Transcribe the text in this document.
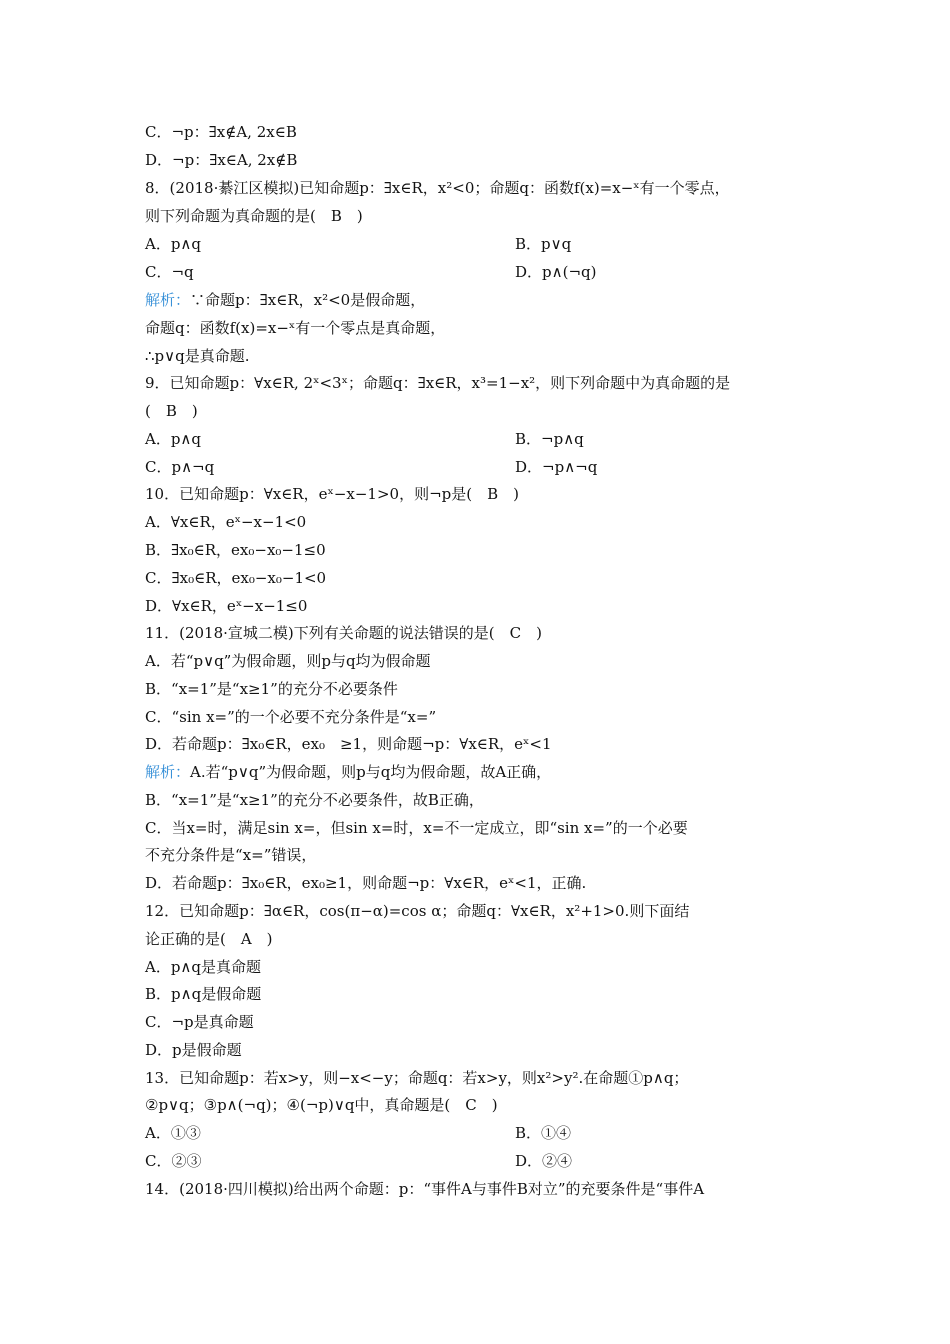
C．¬p：∃x∉A, 2x∈B
D．¬p：∃x∈A, 2x∉B
8．(2018·綦江区模拟)已知命题p：∃x∈R，x²<0；命题q：函数f(x)=x−ˣ有一个零点，
则下列命题为真命题的是(　B　)
A．p∧q	B．p∨q
C．¬q	D．p∧(¬q)
解析：∵命题p：∃x∈R，x²<0是假命题，
命题q：函数f(x)=x−ˣ有一个零点是真命题，
∴p∨q是真命题.
9．已知命题p：∀x∈R, 2ˣ<3ˣ；命题q：∃x∈R，x³=1−x²，则下列命题中为真命题的是
(　B　)
A．p∧q	B．¬p∧q
C．p∧¬q	D．¬p∧¬q
10．已知命题p：∀x∈R，eˣ−x−1>0，则¬p是(　B　)
A．∀x∈R，eˣ−x−1<0
B．∃x₀∈R，ex₀−x₀−1≤0
C．∃x₀∈R，ex₀−x₀−1<0
D．∀x∈R，eˣ−x−1≤0
11．(2018·宣城二模)下列有关命题的说法错误的是(　C　)
A．若“p∨q”为假命题，则p与q均为假命题
B．“x=1”是“x≥1”的充分不必要条件
C．“sin x=”的一个必要不充分条件是“x=”
D．若命题p：∃x₀∈R，ex₀　≥1，则命题¬p：∀x∈R，eˣ<1
解析：A.若“p∨q”为假命题，则p与q均为假命题，故A正确，
B．“x=1”是“x≥1”的充分不必要条件，故B正确，
C．当x=时，满足sin x=，但sin x=时，x=不一定成立，即“sin x=”的一个必要
不充分条件是“x=”错误，
D．若命题p：∃x₀∈R，ex₀≥1，则命题¬p：∀x∈R，eˣ<1，正确.
12．已知命题p：∃α∈R，cos(π−α)=cos α；命题q：∀x∈R，x²+1>0.则下面结
论正确的是(　A　)
A．p∧q是真命题
B．p∧q是假命题
C．¬p是真命题
D．p是假命题
13．已知命题p：若x>y，则−x<−y；命题q：若x>y，则x²>y².在命题①p∧q；
②p∨q；③p∧(¬q)；④(¬p)∨q中，真命题是(　C　)
A．①③	B．①④
C．②③	D．②④
14．(2018·四川模拟)给出两个命题：p：“事件A与事件B对立”的充要条件是“事件A
